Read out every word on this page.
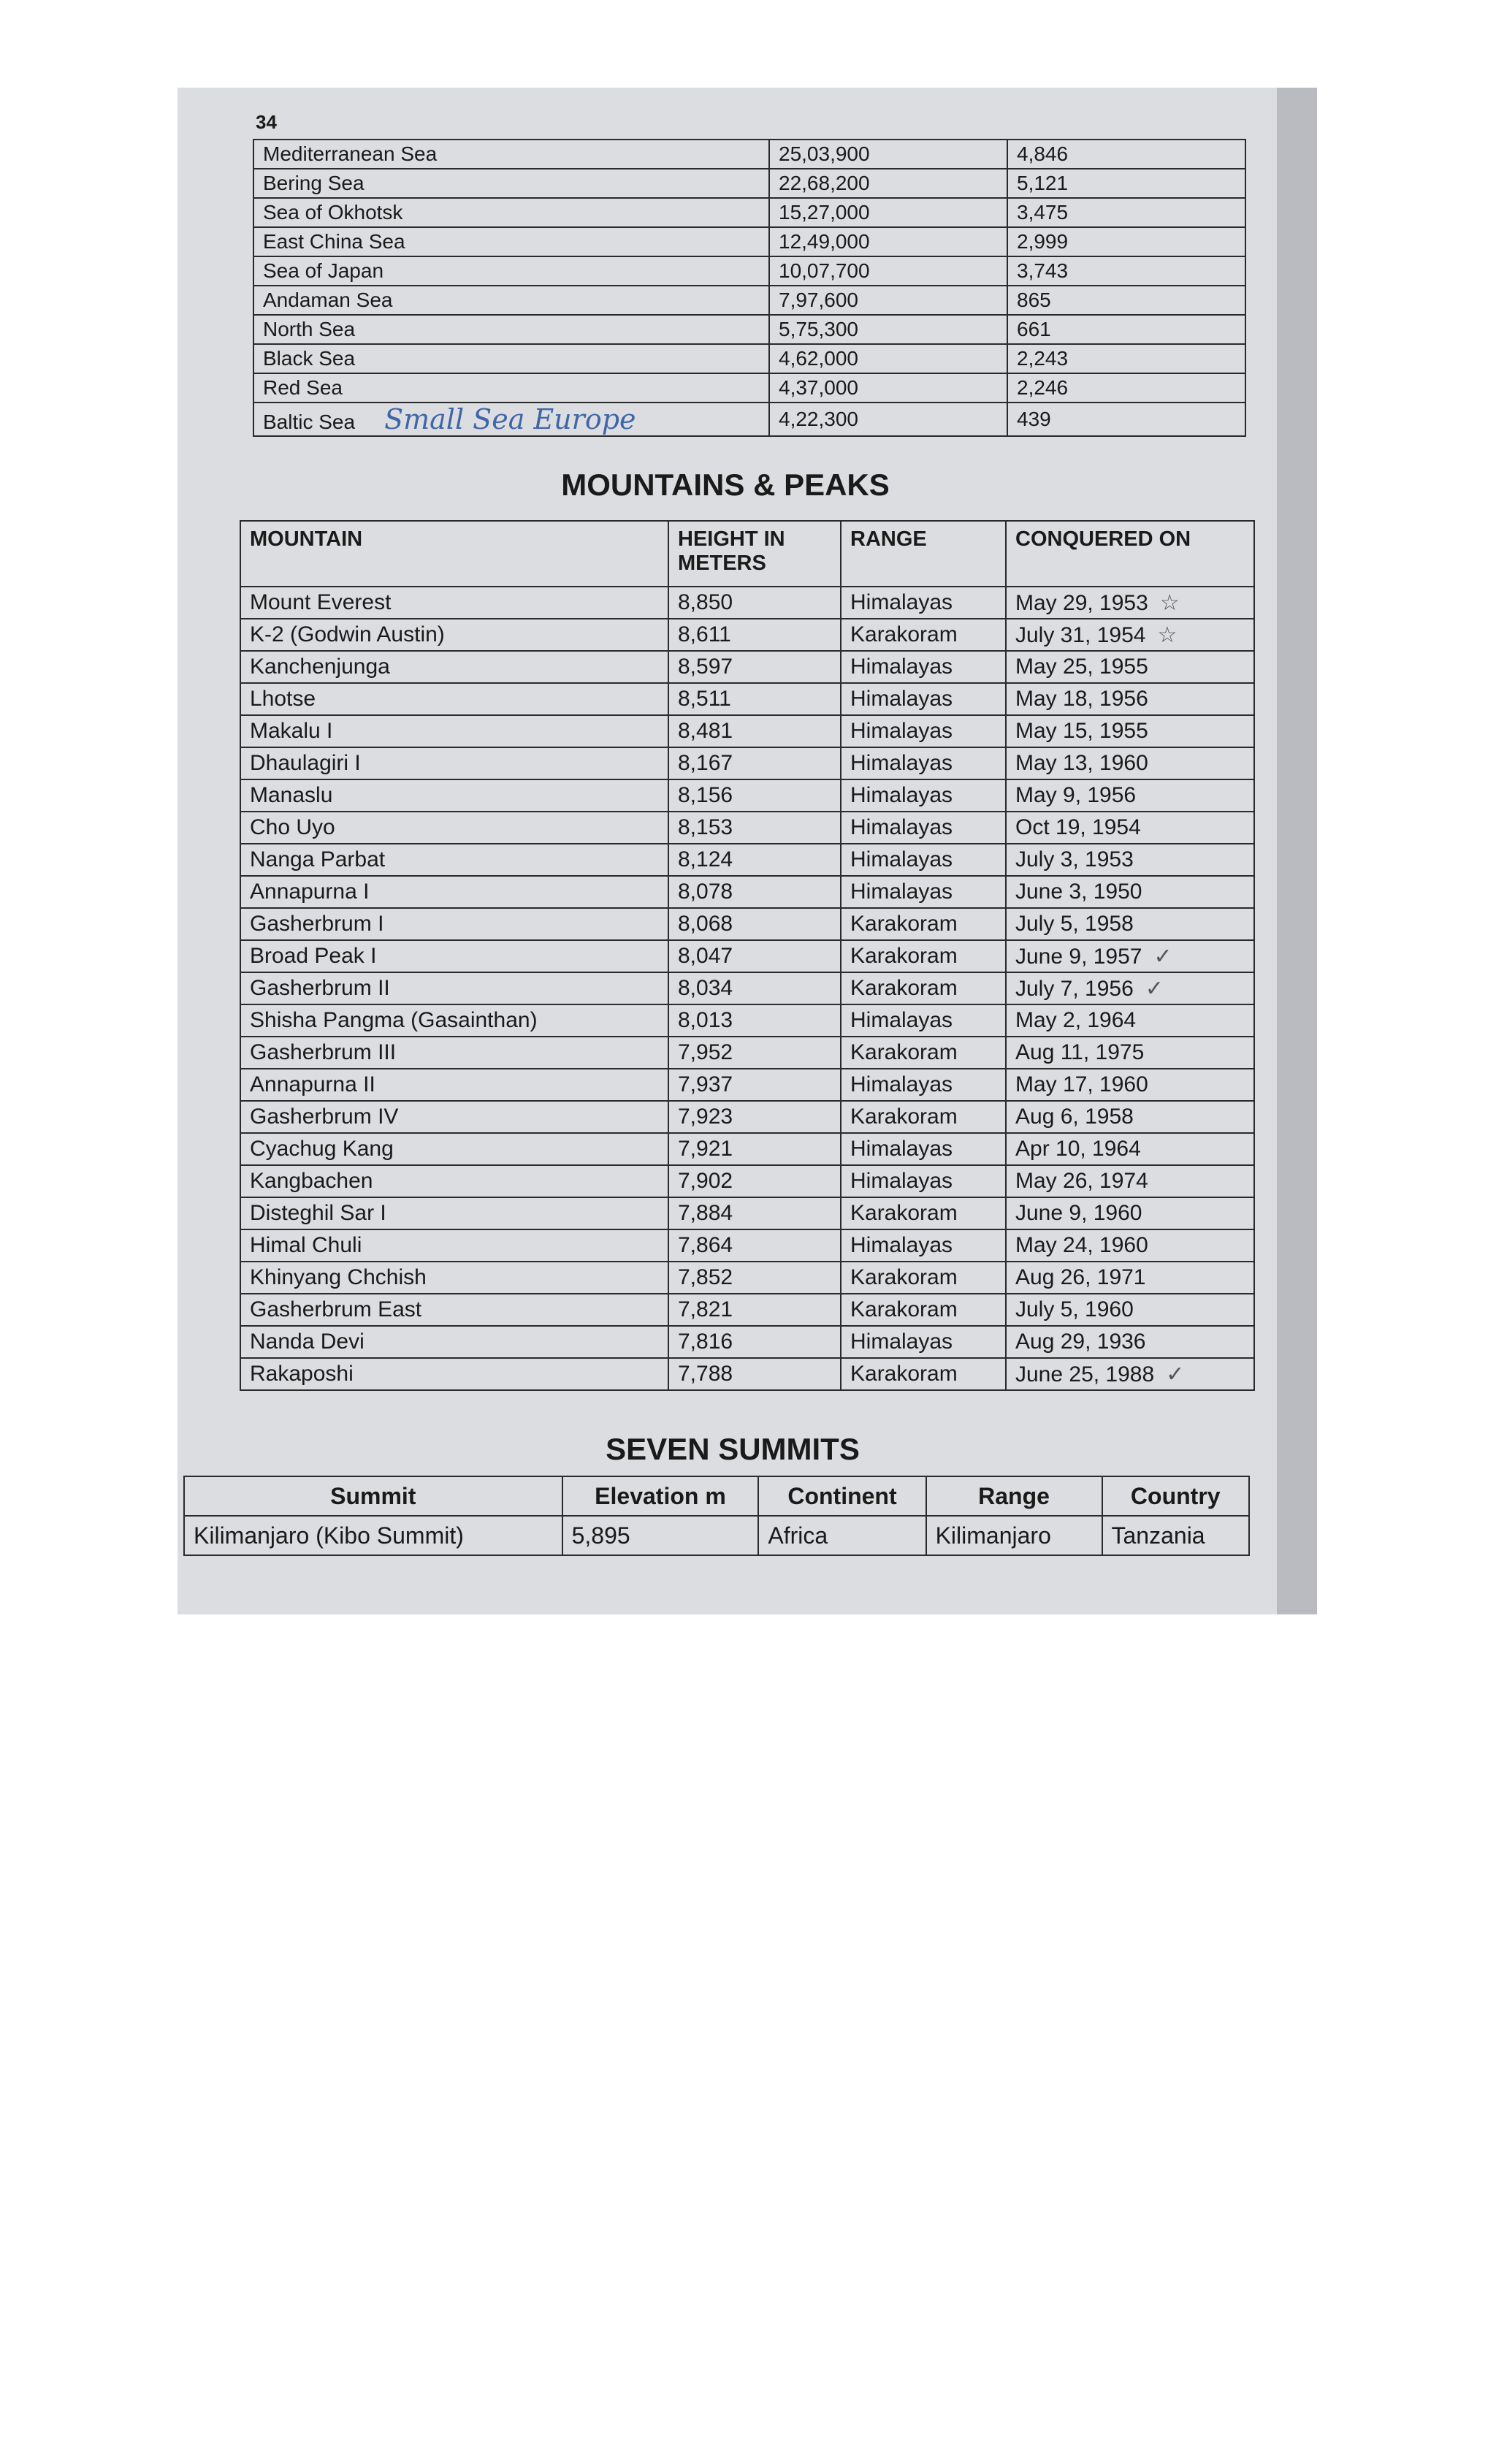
34
Mediterranean Sea	25,03,900	4,846
Bering Sea	22,68,200	5,121
Sea of Okhotsk	15,27,000	3,475
East China Sea	12,49,000	2,999
Sea of Japan	10,07,700	3,743
Andaman Sea	7,97,600	865
North Sea	5,75,300	661
Black Sea	4,62,000	2,243
Red Sea	4,37,000	2,246
Baltic Sea Small Sea Europe	4,22,300	439
MOUNTAINS & PEAKS
MOUNTAIN	HEIGHT IN METERS	RANGE	CONQUERED ON
Mount Everest	8,850	Himalayas	May 29, 1953 ☆
K-2 (Godwin Austin)	8,611	Karakoram	July 31, 1954 ☆
Kanchenjunga	8,597	Himalayas	May 25, 1955
Lhotse	8,511	Himalayas	May 18, 1956
Makalu I	8,481	Himalayas	May 15, 1955
Dhaulagiri I	8,167	Himalayas	May 13, 1960
Manaslu	8,156	Himalayas	May 9, 1956
Cho Uyo	8,153	Himalayas	Oct 19, 1954
Nanga Parbat	8,124	Himalayas	July 3, 1953
Annapurna I	8,078	Himalayas	June 3, 1950
Gasherbrum I	8,068	Karakoram	July 5, 1958
Broad Peak I	8,047	Karakoram	June 9, 1957 ✓
Gasherbrum II	8,034	Karakoram	July 7, 1956 ✓
Shisha Pangma (Gasainthan)	8,013	Himalayas	May 2, 1964
Gasherbrum III	7,952	Karakoram	Aug 11, 1975
Annapurna II	7,937	Himalayas	May 17, 1960
Gasherbrum IV	7,923	Karakoram	Aug 6, 1958
Cyachug Kang	7,921	Himalayas	Apr 10, 1964
Kangbachen	7,902	Himalayas	May 26, 1974
Disteghil Sar I	7,884	Karakoram	June 9, 1960
Himal Chuli	7,864	Himalayas	May 24, 1960
Khinyang Chchish	7,852	Karakoram	Aug 26, 1971
Gasherbrum East	7,821	Karakoram	July 5, 1960
Nanda Devi	7,816	Himalayas	Aug 29, 1936
Rakaposhi	7,788	Karakoram	June 25, 1988 ✓
SEVEN SUMMITS
Summit	Elevation m	Continent	Range	Country
Kilimanjaro (Kibo Summit)	5,895	Africa	Kilimanjaro	Tanzania
